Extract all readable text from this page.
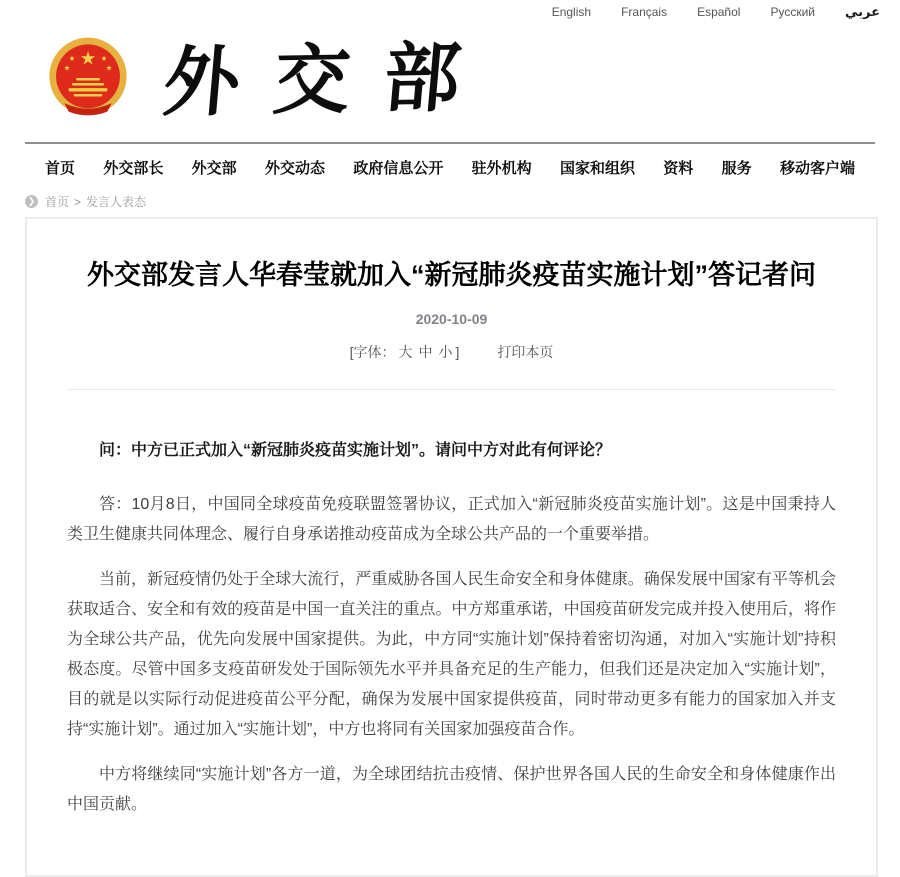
English	Français	Español	Русский عربي
★
★	★
★	★ 外交部
首页 外交部长 外交部 外交动态 政府信息公开 驻外机构 国家和组织 资料 服务 移动客户端
❯ 首页 > 发言人表态
外交部发言人华春莹就加入“新冠肺炎疫苗实施计划”答记者问
2020-10-09
[字体： 大 中 小 ]	打印本页

问：中方已正式加入“新冠肺炎疫苗实施计划”。请问中方对此有何评论？

答：10月8日，中国同全球疫苗免疫联盟签署协议，正式加入“新冠肺炎疫苗实施计划”。这是中国秉持人类卫生健康共同体理念、履行自身承诺推动疫苗成为全球公共产品的一个重要举措。

当前，新冠疫情仍处于全球大流行，严重威胁各国人民生命安全和身体健康。确保发展中国家有平等机会获取适合、安全和有效的疫苗是中国一直关注的重点。中方郑重承诺，中国疫苗研发完成并投入使用后，将作为全球公共产品，优先向发展中国家提供。为此，中方同“实施计划”保持着密切沟通，对加入“实施计划”持积极态度。尽管中国多支疫苗研发处于国际领先水平并具备充足的生产能力，但我们还是决定加入“实施计划”，目的就是以实际行动促进疫苗公平分配，确保为发展中国家提供疫苗，同时带动更多有能力的国家加入并支持“实施计划”。通过加入“实施计划”，中方也将同有关国家加强疫苗合作。

中方将继续同“实施计划”各方一道，为全球团结抗击疫情、保护世界各国人民的生命安全和身体健康作出中国贡献。
